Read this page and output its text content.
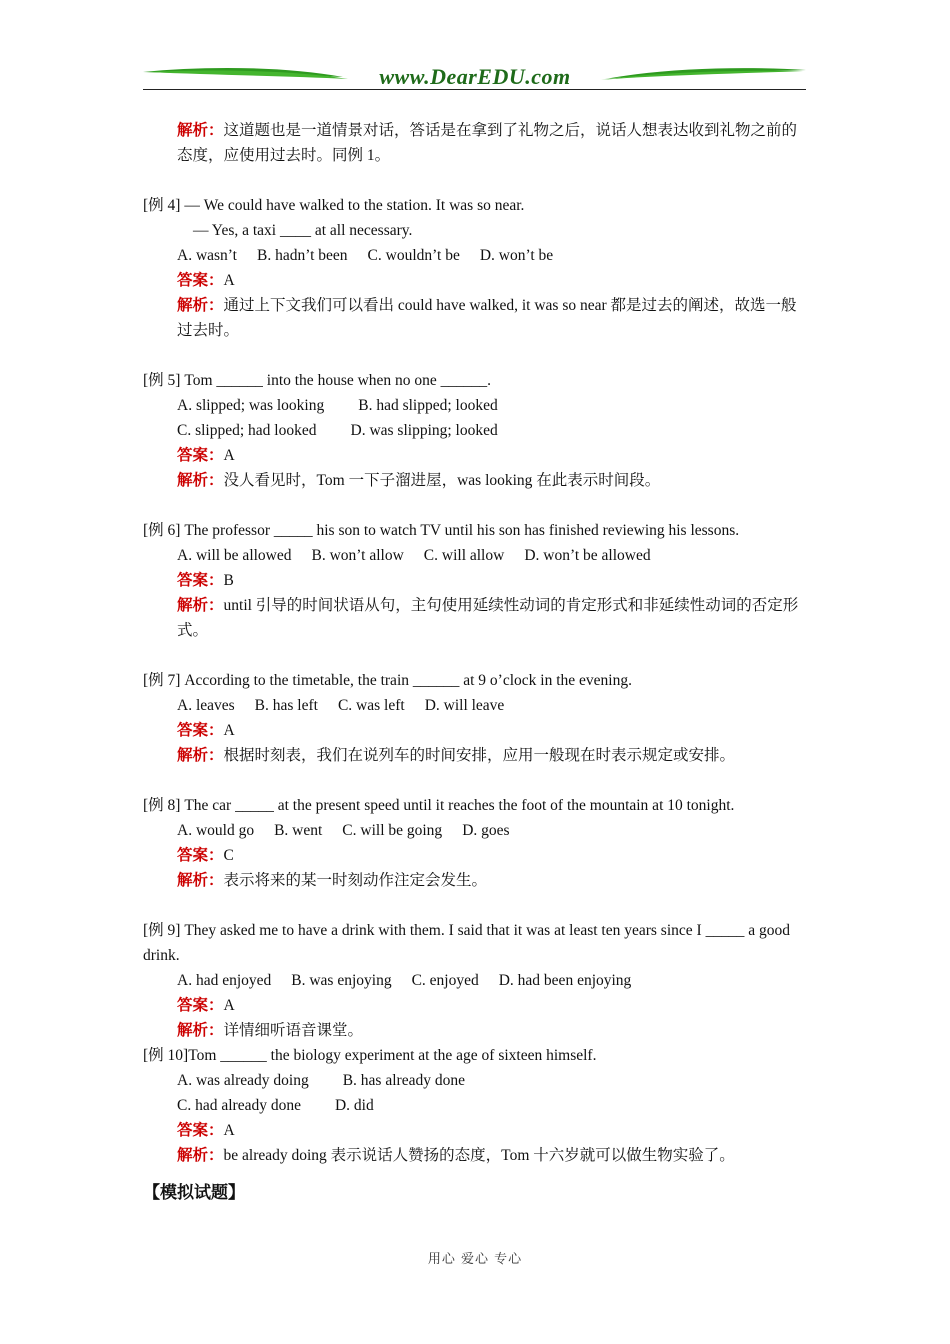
www.DearEDU.com
解析：这道题也是一道情景对话，答话是在拿到了礼物之后，说话人想表达收到礼物之前的态度，应使用过去时。同例 1。
[例 4] — We could have walked to the station. It was so near.
— Yes, a taxi ____ at all necessary.
A. wasn’t B. hadn’t been C. wouldn’t be D. won’t be
答案：A
解析：通过上下文我们可以看出 could have walked, it was so near 都是过去的阐述，故选一般过去时。
[例 5] Tom ______ into the house when no one ______.
A. slipped; was looking B. had slipped; looked
C. slipped; had looked D. was slipping; looked
答案：A
解析：没人看见时，Tom 一下子溜进屋，was looking 在此表示时间段。
[例 6] The professor _____ his son to watch TV until his son has finished reviewing his lessons.
A. will be allowed B. won’t allow C. will allow D. won’t be allowed
答案：B
解析：until 引导的时间状语从句，主句使用延续性动词的肯定形式和非延续性动词的否定形式。
[例 7] According to the timetable, the train ______ at 9 o’clock in the evening.
A. leaves B. has left C. was left D. will leave
答案：A
解析：根据时刻表，我们在说列车的时间安排，应用一般现在时表示规定或安排。
[例 8] The car _____ at the present speed until it reaches the foot of the mountain at 10 tonight.
A. would go B. went C. will be going D. goes
答案：C
解析：表示将来的某一时刻动作注定会发生。
[例 9] They asked me to have a drink with them. I said that it was at least ten years since I _____ a good drink.
A. had enjoyed B. was enjoying C. enjoyed D. had been enjoying
答案：A
解析：详情细听语音课堂。
[例 10]Tom ______ the biology experiment at the age of sixteen himself.
A. was already doing B. has already done
C. had already done D. did
答案：A
解析：be already doing 表示说话人赞扬的态度，Tom 十六岁就可以做生物实验了。
【模拟试题】
用心 爱心 专心
